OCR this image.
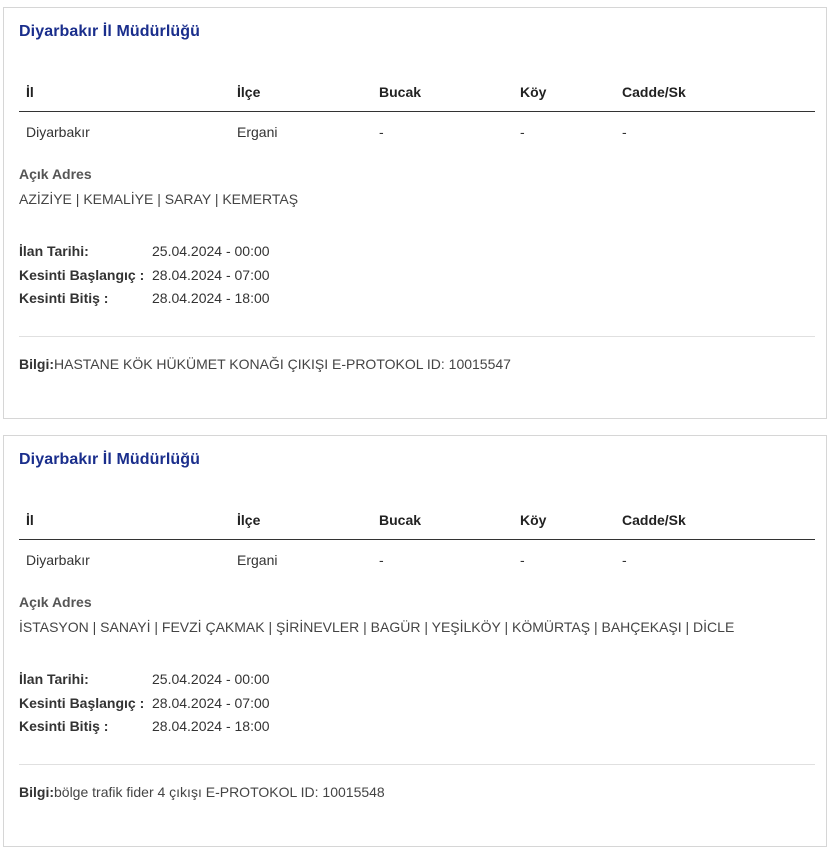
Diyarbakır İl Müdürlüğü
İl	İlçe	Bucak	Köy	Cadde/Sk
Diyarbakır	Ergani	-	-	-
Açık Adres
AZİZİYE | KEMALİYE | SARAY | KEMERTAŞ
İlan Tarihi:	25.04.2024 - 00:00
Kesinti Başlangıç : 28.04.2024 - 07:00
Kesinti Bitiş :	28.04.2024 - 18:00
Bilgi:HASTANE KÖK HÜKÜMET KONAĞI ÇIKIŞI E-PROTOKOL ID: 10015547
Diyarbakır İl Müdürlüğü
İl	İlçe	Bucak	Köy	Cadde/Sk
Diyarbakır	Ergani	-	-	-
Açık Adres
İSTASYON | SANAYİ | FEVZİ ÇAKMAK | ŞİRİNEVLER | BAGÜR | YEŞİLKÖY | KÖMÜRTAŞ | BAHÇEKAŞI | DİCLE
İlan Tarihi:	25.04.2024 - 00:00
Kesinti Başlangıç : 28.04.2024 - 07:00
Kesinti Bitiş :	28.04.2024 - 18:00
Bilgi:bölge trafik fider 4 çıkışı E-PROTOKOL ID: 10015548
